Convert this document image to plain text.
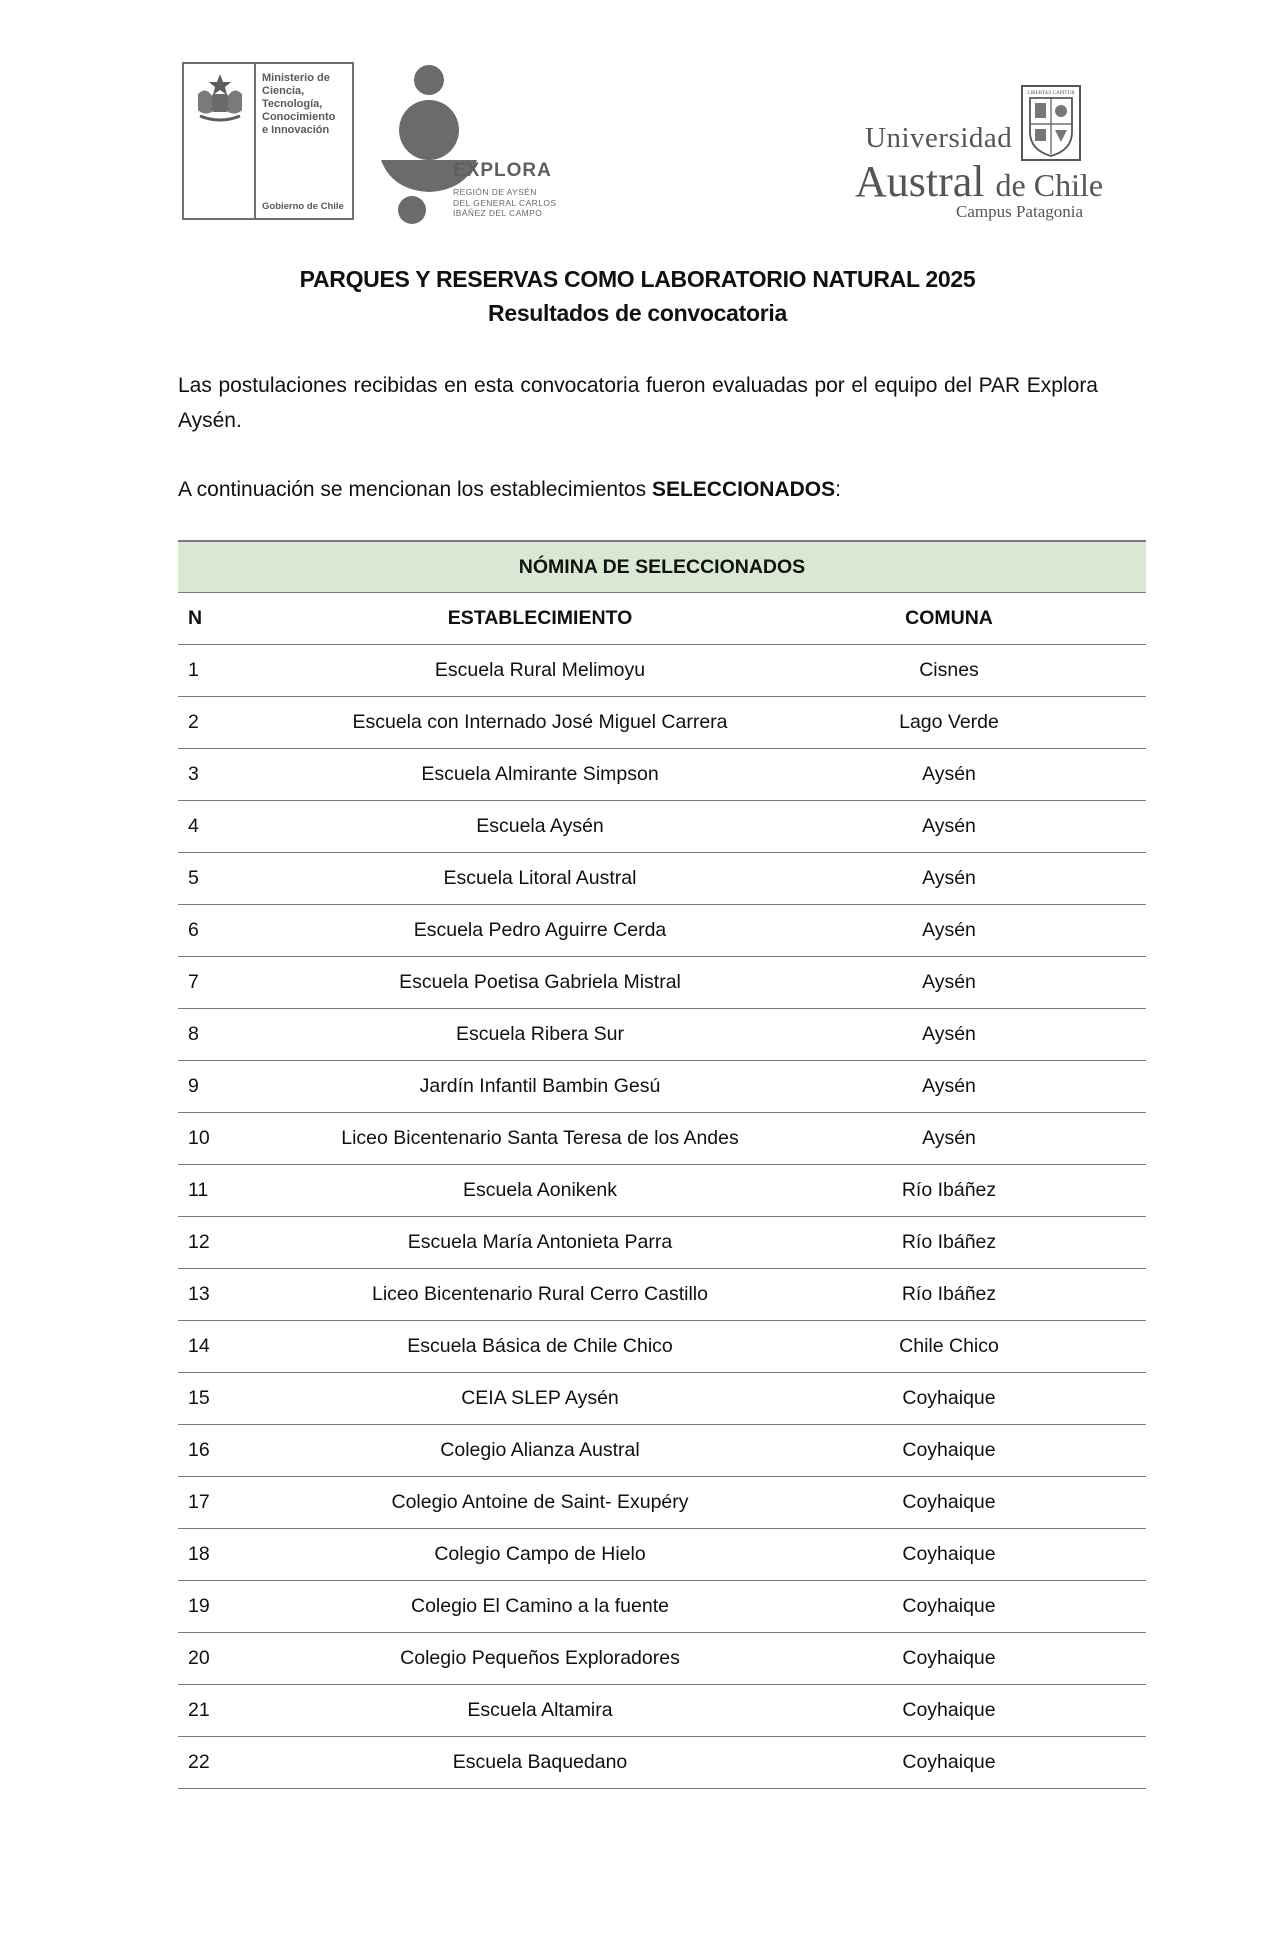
Ministerio de
Ciencia,
Tecnología,
Conocimiento
e Innovación
Gobierno de Chile
EXPLORA
REGIÓN DE AYSÉN
DEL GENERAL CARLOS
IBÁÑEZ DEL CAMPO
LIBERTAS CAPITUR
Universidad
Austral de Chile
Campus Patagonia
PARQUES Y RESERVAS COMO LABORATORIO NATURAL 2025
Resultados de convocatoria
Las postulaciones recibidas en esta convocatoria fueron evaluadas por el equipo del PAR Explora Aysén.
A continuación se mencionan los establecimientos SELECCIONADOS:
NÓMINA DE SELECCIONADOS		
N	ESTABLECIMIENTO	COMUNA
1	Escuela Rural Melimoyu	Cisnes
2	Escuela con Internado José Miguel Carrera	Lago Verde
3	Escuela Almirante Simpson	Aysén
4	Escuela Aysén	Aysén
5	Escuela Litoral Austral	Aysén
6	Escuela Pedro Aguirre Cerda	Aysén
7	Escuela Poetisa Gabriela Mistral	Aysén
8	Escuela Ribera Sur	Aysén
9	Jardín Infantil Bambin Gesú	Aysén
10	Liceo Bicentenario Santa Teresa de los Andes	Aysén
11	Escuela Aonikenk	Río Ibáñez
12	Escuela María Antonieta Parra	Río Ibáñez
13	Liceo Bicentenario Rural Cerro Castillo	Río Ibáñez
14	Escuela Básica de Chile Chico	Chile Chico
15	CEIA SLEP Aysén	Coyhaique
16	Colegio Alianza Austral	Coyhaique
17	Colegio Antoine de Saint- Exupéry	Coyhaique
18	Colegio Campo de Hielo	Coyhaique
19	Colegio El Camino a la fuente	Coyhaique
20	Colegio Pequeños Exploradores	Coyhaique
21	Escuela Altamira	Coyhaique
22	Escuela Baquedano	Coyhaique
